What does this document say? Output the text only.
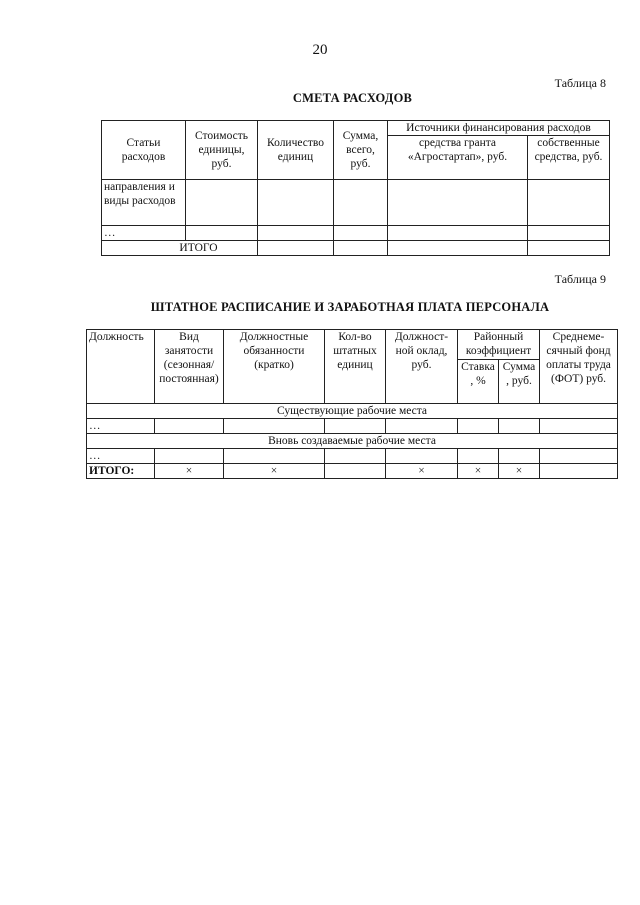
20
Таблица 8
СМЕТА РАСХОДОВ
Статьи расходов	Стоимость единицы, руб.	Количество единиц	Сумма, всего, руб.	Источники финансирования расходов	
				средства гранта «Агростартап», руб.	собственные средства, руб.
направления и виды расходов					
…					
ИТОГО					
Таблица 9
ШТАТНОЕ РАСПИСАНИЕ И ЗАРАБОТНАЯ ПЛАТА ПЕРСОНАЛА
Должность	Вид занятости (сезонная/ постоянная)	Должностные обязанности (кратко)	Кол-во штатных единиц	Должност-ной оклад, руб.	Районный коэффициент		Среднеме-сячный фонд оплаты труда (ФОТ) руб.
					Ставка , %	Сумма , руб.	
Существующие рабочие места							
…							
Вновь создаваемые рабочие места							
…							
ИТОГО:	×	×		×	×	×	
